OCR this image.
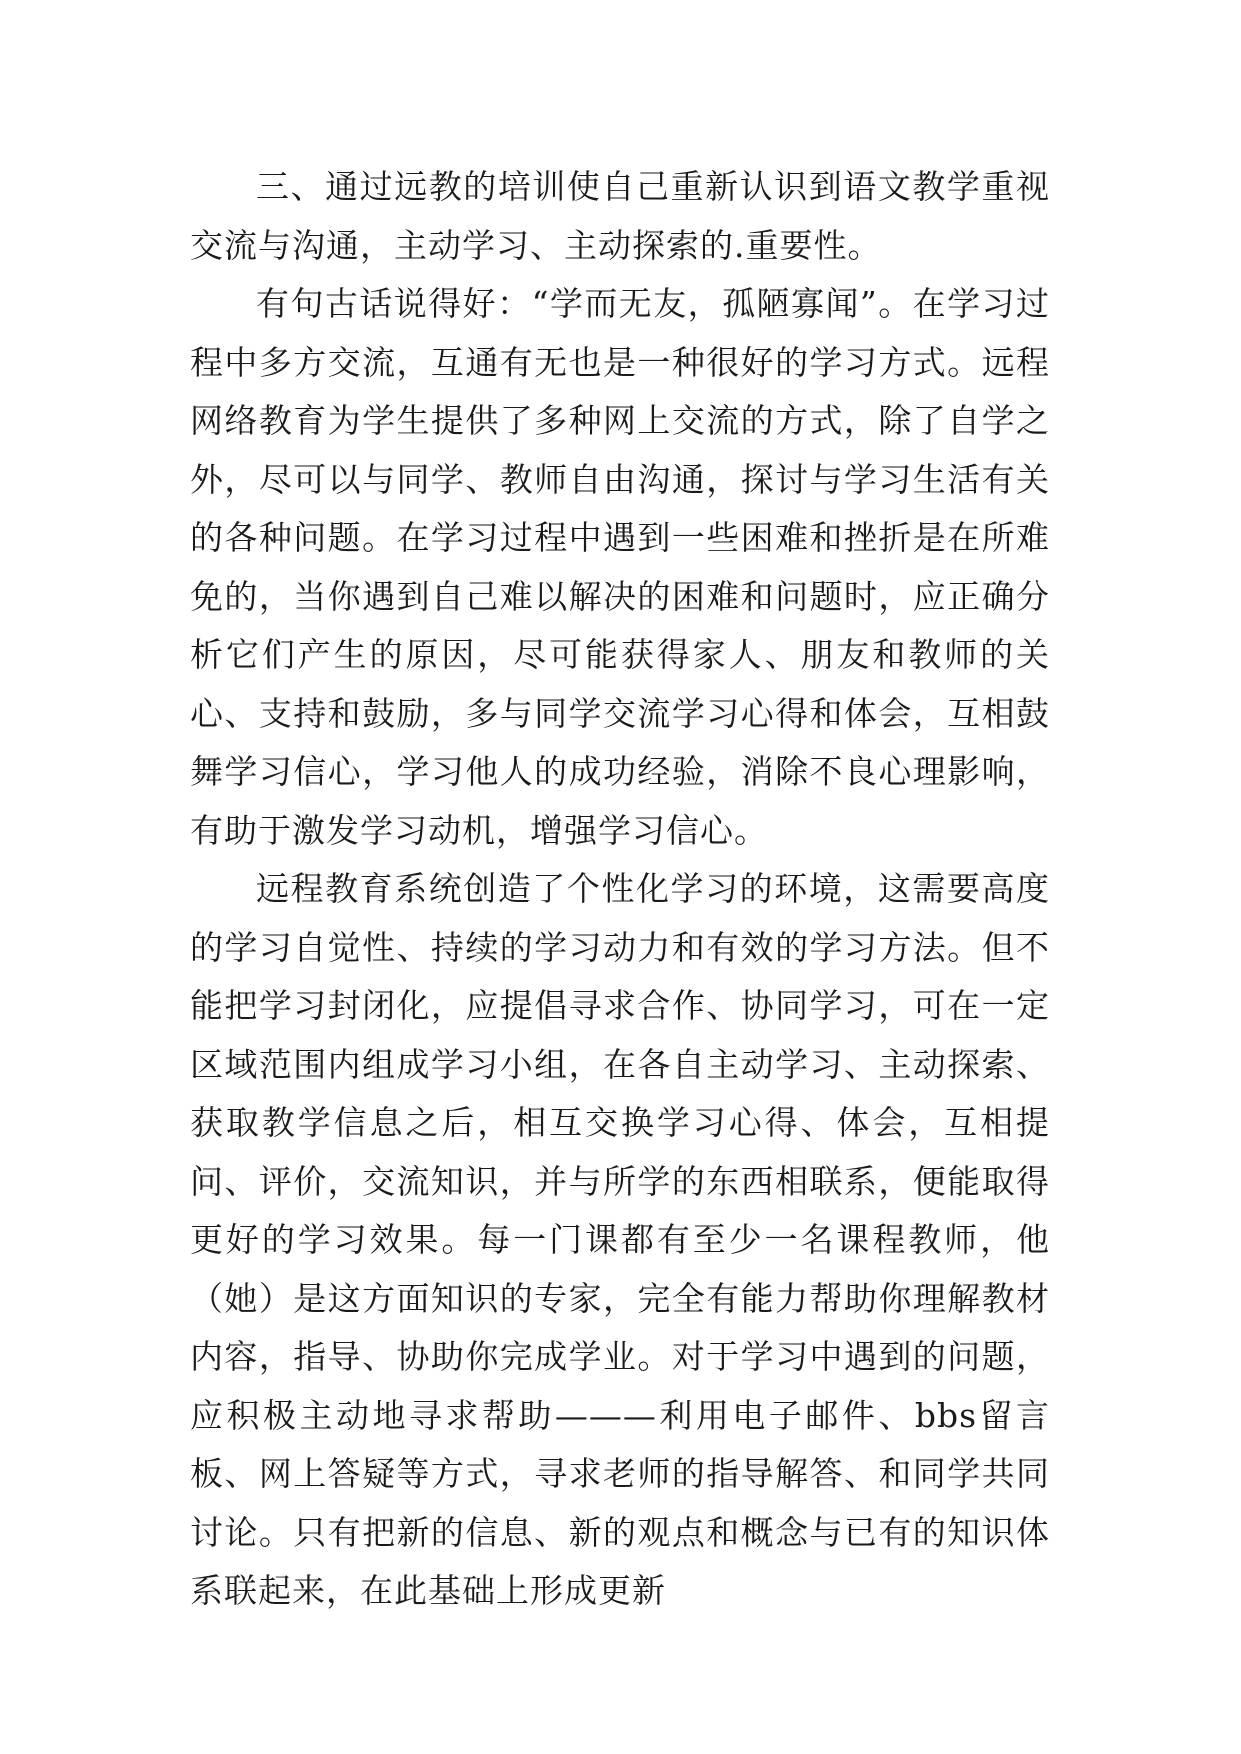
三、通过远教的培训使自己重新认识到语文教学重视交流与沟通，主动学习、主动探索的.重要性。

有句古话说得好：“学而无友，孤陋寡闻”。在学习过程中多方交流，互通有无也是一种很好的学习方式。远程网络教育为学生提供了多种网上交流的方式，除了自学之外，尽可以与同学、教师自由沟通，探讨与学习生活有关的各种问题。在学习过程中遇到一些困难和挫折是在所难免的，当你遇到自己难以解决的困难和问题时，应正确分析它们产生的原因，尽可能获得家人、朋友和教师的关心、支持和鼓励，多与同学交流学习心得和体会，互相鼓舞学习信心，学习他人的成功经验，消除不良心理影响，有助于激发学习动机，增强学习信心。

远程教育系统创造了个性化学习的环境，这需要高度的学习自觉性、持续的学习动力和有效的学习方法。但不能把学习封闭化，应提倡寻求合作、协同学习，可在一定区域范围内组成学习小组，在各自主动学习、主动探索、获取教学信息之后，相互交换学习心得、体会，互相提问、评价，交流知识，并与所学的东西相联系，便能取得更好的学习效果。每一门课都有至少一名课程教师，他（她）是这方面知识的专家，完全有能力帮助你理解教材内容，指导、协助你完成学业。对于学习中遇到的问题，应积极主动地寻求帮助———利用电子邮件、bbs留言板、网上答疑等方式，寻求老师的指导解答、和同学共同讨论。只有把新的信息、新的观点和概念与已有的知识体系联起来，在此基础上形成更新
